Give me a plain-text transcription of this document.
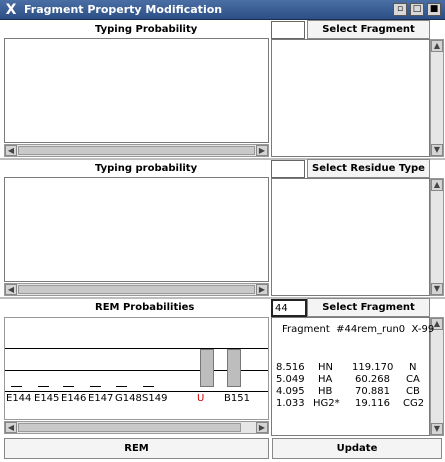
X Fragment Property Modification	▫	□ ■
Typing Probability	Select Fragment
◀	▶
▲
▼
Typing probability	Select Residue Type
◀	▶
▲
▼
REM Probabilities	44	Select Fragment
E144 E145 E146 E147 G148 S149	U B151
◀	▶
▲
▼
Fragment  #44rem_run0  X-99
8.516 HN 119.170 N
5.049 HA 60.268 CA
4.095 HB 70.881 CB
1.033 HG2* 19.116 CG2
REM	Update
